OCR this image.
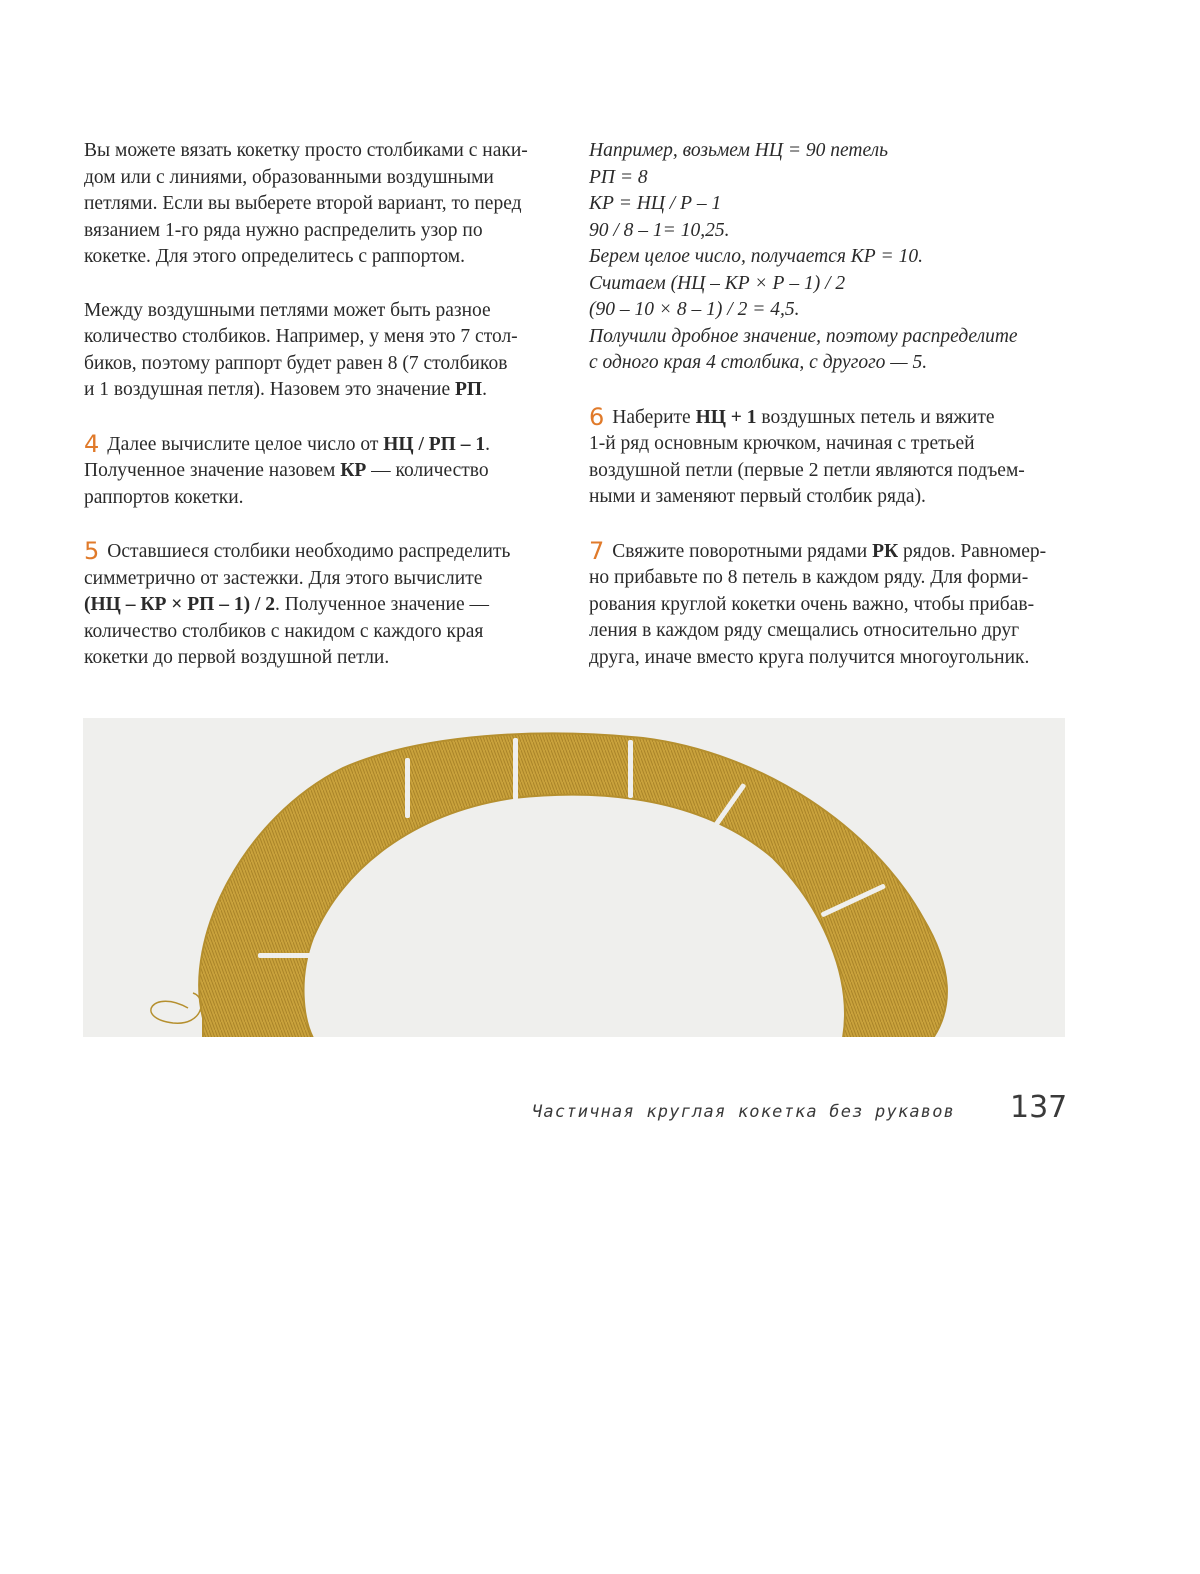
Вы можете вязать кокетку просто столбиками с наки-

дом или с линиями, образованными воздушными

петлями. Если вы выберете второй вариант, то перед

вязанием 1-го ряда нужно распределить узор по

кокетке. Для этого определитесь с раппортом.

Между воздушными петлями может быть разное

количество столбиков. Например, у меня это 7 стол-

биков, поэтому раппорт будет равен 8 (7 столбиков

и 1 воздушная петля). Назовем это значение РП.

4 Далее вычислите целое число от НЦ / РП – 1.

Полученное значение назовем КР — количество

раппортов кокетки.

5 Оставшиеся столбики необходимо распределить

симметрично от застежки. Для этого вычислите

(НЦ – КР × РП – 1) / 2. Полученное значение —

количество столбиков с накидом с каждого края

кокетки до первой воздушной петли.

Например, возьмем НЦ = 90 петель

РП = 8

КР = НЦ / Р – 1

90 / 8 – 1= 10,25.

Берем целое число, получается КР = 10.

Считаем (НЦ – КР × Р – 1) / 2

(90 – 10 × 8 – 1) / 2 = 4,5.

Получили дробное значение, поэтому распределите

с одного края 4 столбика, с другого — 5.

6 Наберите НЦ + 1 воздушных петель и вяжите

1-й ряд основным крючком, начиная с третьей

воздушной петли (первые 2 петли являются подъем-

ными и заменяют первый столбик ряда).

7 Свяжите поворотными рядами РК рядов. Равномер-

но прибавьте по 8 петель в каждом ряду. Для форми-

рования круглой кокетки очень важно, чтобы прибав-

ления в каждом ряду смещались относительно друг

друга, иначе вместо круга получится многоугольник.

Частичная круглая кокетка без рукавов 137
